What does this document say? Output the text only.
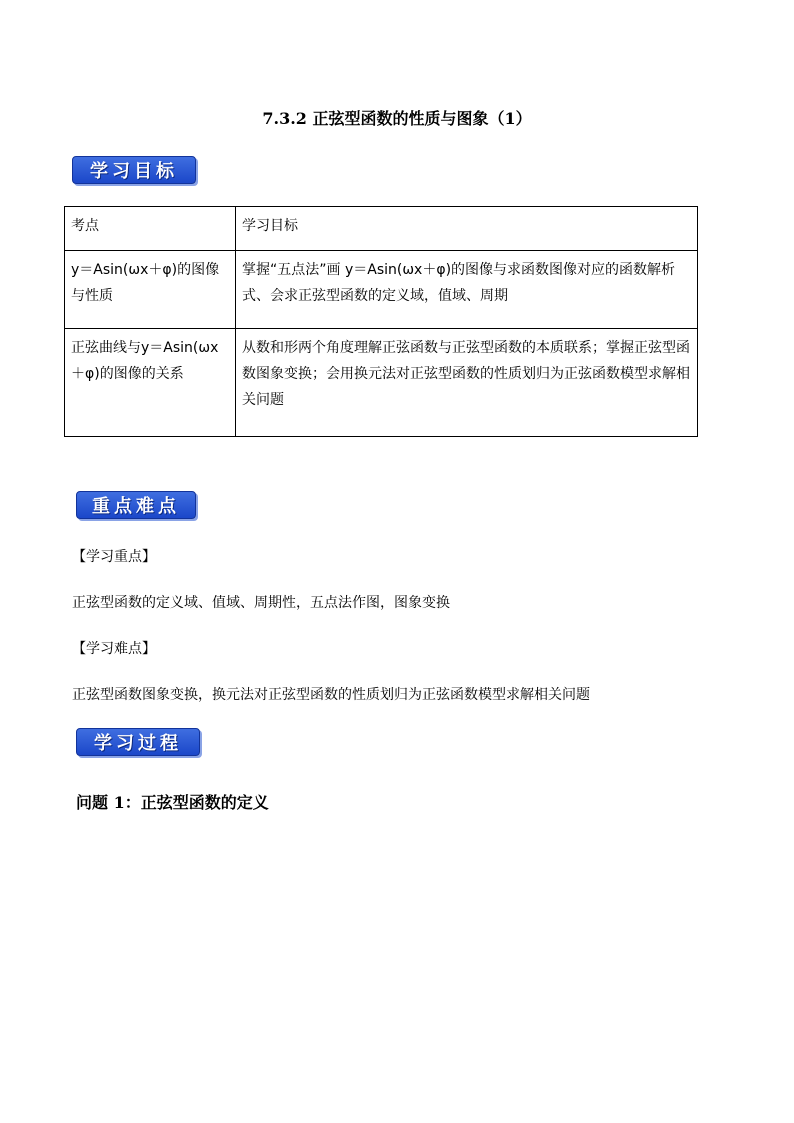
7.3.2 正弦型函数的性质与图象（1）
学习目标
考点	学习目标
y＝Asin(ωx＋φ)的图像与性质	掌握“五点法”画 y＝Asin(ωx＋φ)的图像与求函数图像对应的函数解析式、会求正弦型函数的定义域，值域、周期
正弦曲线与y＝Asin(ωx＋φ)的图像的关系	从数和形两个角度理解正弦函数与正弦型函数的本质联系；掌握正弦型函数图象变换；会用换元法对正弦型函数的性质划归为正弦函数模型求解相关问题
重点难点
【学习重点】
正弦型函数的定义域、值域、周期性，五点法作图，图象变换
【学习难点】
正弦型函数图象变换，换元法对正弦型函数的性质划归为正弦函数模型求解相关问题
学习过程
问题 1：正弦型函数的定义
